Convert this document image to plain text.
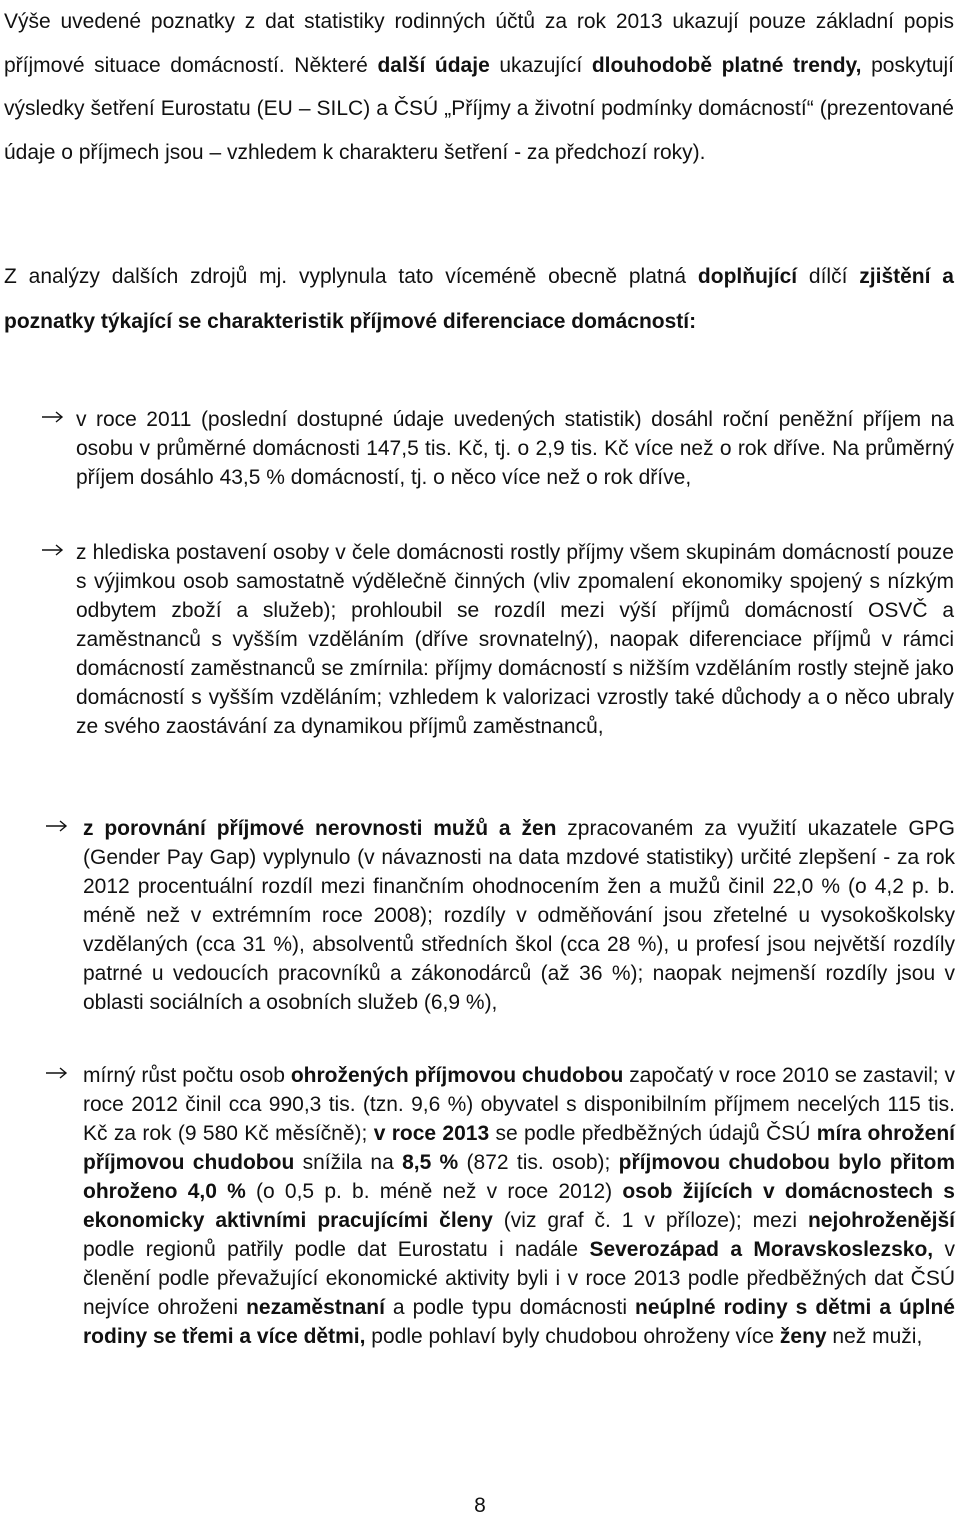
Výše uvedené poznatky z dat statistiky rodinných účtů za rok 2013 ukazují pouze základní popis příjmové situace domácností. Některé další údaje ukazující dlouhodobě platné trendy, poskytují výsledky šetření Eurostatu (EU – SILC) a ČSÚ „Příjmy a životní podmínky domácností“ (prezentované údaje o příjmech jsou – vzhledem k charakteru šetření - za předchozí roky).
Z analýzy dalších zdrojů mj. vyplynula tato víceméně obecně platná doplňující dílčí zjištění a poznatky týkající se charakteristik příjmové diferenciace domácností:
v roce 2011 (poslední dostupné údaje uvedených statistik) dosáhl roční peněžní příjem na osobu v průměrné domácnosti 147,5 tis. Kč, tj. o 2,9 tis. Kč více než o rok dříve. Na průměrný příjem dosáhlo 43,5 % domácností, tj. o něco více než o rok dříve,
z hlediska postavení osoby v čele domácnosti rostly příjmy všem skupinám domácností pouze s výjimkou osob samostatně výdělečně činných (vliv zpomalení ekonomiky spojený s nízkým odbytem zboží a služeb); prohloubil se rozdíl mezi výší příjmů domácností OSVČ a zaměstnanců s vyšším vzděláním (dříve srovnatelný), naopak diferenciace příjmů v rámci domácností zaměstnanců se zmírnila: příjmy domácností s nižším vzděláním rostly stejně jako domácností s vyšším vzděláním; vzhledem k valorizaci vzrostly také důchody a o něco ubraly ze svého zaostávání za dynamikou příjmů zaměstnanců,
z porovnání příjmové nerovnosti mužů a žen zpracovaném za využití ukazatele GPG (Gender Pay Gap) vyplynulo (v návaznosti na data mzdové statistiky) určité zlepšení - za rok 2012 procentuální rozdíl mezi finančním ohodnocením žen a mužů činil 22,0 % (o 4,2 p. b. méně než v extrémním roce 2008); rozdíly v odměňování jsou zřetelné u vysokoškolsky vzdělaných (cca 31 %), absolventů středních škol (cca 28 %), u profesí jsou největší rozdíly patrné u vedoucích pracovníků a zákonodárců (až 36 %); naopak nejmenší rozdíly jsou v oblasti sociálních a osobních služeb (6,9 %),
mírný růst počtu osob ohrožených příjmovou chudobou započatý v roce 2010 se zastavil; v roce 2012 činil cca 990,3 tis. (tzn. 9,6 %) obyvatel s disponibilním příjmem necelých 115 tis. Kč za rok (9 580 Kč měsíčně); v roce 2013 se podle předběžných údajů ČSÚ míra ohrožení příjmovou chudobou snížila na 8,5 % (872 tis. osob); příjmovou chudobou bylo přitom ohroženo 4,0 % (o 0,5 p. b. méně než v roce 2012) osob žijících v domácnostech s ekonomicky aktivními pracujícími členy (viz graf č. 1 v příloze); mezi nejohroženější podle regionů patřily podle dat Eurostatu i nadále Severozápad a Moravskoslezsko, v členění podle převažující ekonomické aktivity byli i v roce 2013 podle předběžných dat ČSÚ nejvíce ohroženi nezaměstnaní a podle typu domácnosti neúplné rodiny s dětmi a úplné rodiny se třemi a více dětmi, podle pohlaví byly chudobou ohroženy více ženy než muži,
8
